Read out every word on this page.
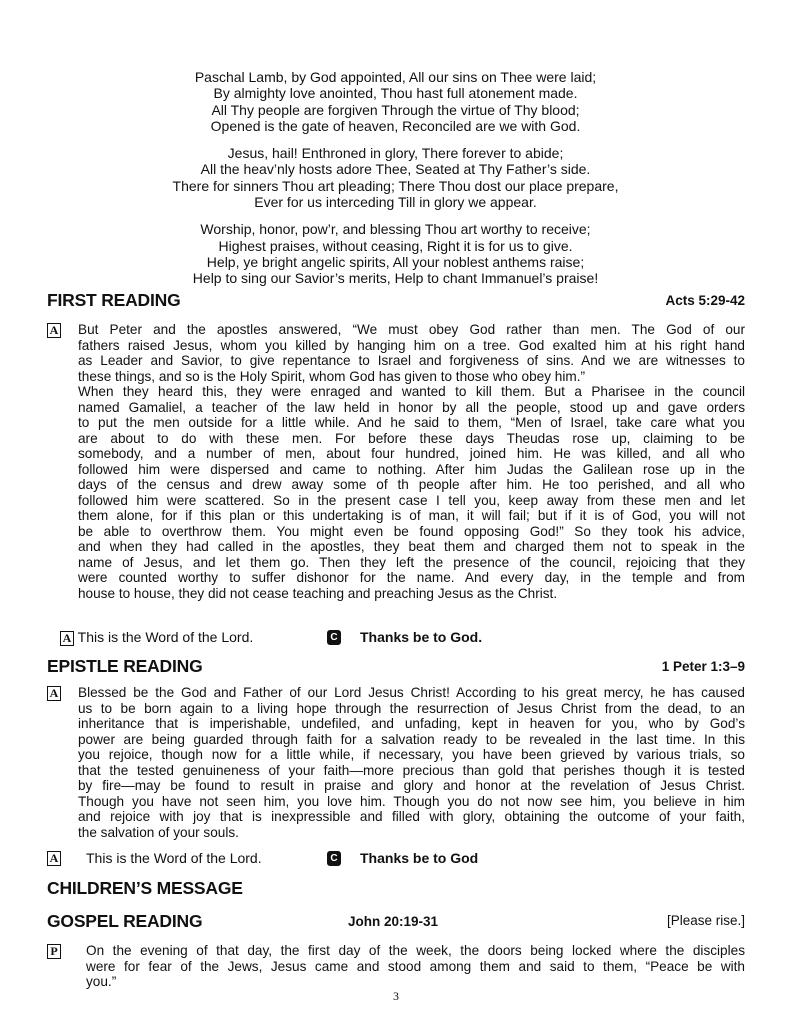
Paschal Lamb, by God appointed, All our sins on Thee were laid;
By almighty love anointed, Thou hast full atonement made.
All Thy people are forgiven Through the virtue of Thy blood;
Opened is the gate of heaven, Reconciled are we with God.
Jesus, hail! Enthroned in glory, There forever to abide;
All the heav’nly hosts adore Thee, Seated at Thy Father’s side.
There for sinners Thou art pleading; There Thou dost our place prepare,
Ever for us interceding Till in glory we appear.
Worship, honor, pow’r, and blessing Thou art worthy to receive;
Highest praises, without ceasing, Right it is for us to give.
Help, ye bright angelic spirits, All your noblest anthems raise;
Help to sing our Savior’s merits, Help to chant Immanuel’s praise!
FIRST READING	Acts 5:29-42
A But Peter and the apostles answered, “We must obey God rather than men. The God of our
fathers raised Jesus, whom you killed by hanging him on a tree. God exalted him at his right hand
as Leader and Savior, to give repentance to Israel and forgiveness of sins. And we are witnesses to
these things, and so is the Holy Spirit, whom God has given to those who obey him.”
When they heard this, they were enraged and wanted to kill them. But a Pharisee in the council
named Gamaliel, a teacher of the law held in honor by all the people, stood up and gave orders
to put the men outside for a little while. And he said to them, “Men of Israel, take care what you
are about to do with these men. For before these days Theudas rose up, claiming to be
somebody, and a number of men, about four hundred, joined him. He was killed, and all who
followed him were dispersed and came to nothing. After him Judas the Galilean rose up in the
days of the census and drew away some of th people after him. He too perished, and all who
followed him were scattered. So in the present case I tell you, keep away from these men and let
them alone, for if this plan or this undertaking is of man, it will fail; but if it is of God, you will not
be able to overthrow them. You might even be found opposing God!” So they took his advice,
and when they had called in the apostles, they beat them and charged them not to speak in the
name of Jesus, and let them go. Then they left the presence of the council, rejoicing that they
were counted worthy to suffer dishonor for the name. And every day, in the temple and from
house to house, they did not cease teaching and preaching Jesus as the Christ.
A This is the Word of the Lord.	C Thanks be to God.
EPISTLE READING	1 Peter 1:3–9
A Blessed be the God and Father of our Lord Jesus Christ! According to his great mercy, he has caused
us to be born again to a living hope through the resurrection of Jesus Christ from the dead, to an
inheritance that is imperishable, undefiled, and unfading, kept in heaven for you, who by God’s
power are being guarded through faith for a salvation ready to be revealed in the last time. In this
you rejoice, though now for a little while, if necessary, you have been grieved by various trials, so
that the tested genuineness of your faith—more precious than gold that perishes though it is tested
by fire—may be found to result in praise and glory and honor at the revelation of Jesus Christ.
Though you have not seen him, you love him. Though you do not now see him, you believe in him
and rejoice with joy that is inexpressible and filled with glory, obtaining the outcome of your faith,
the salvation of your souls.
A This is the Word of the Lord.	C Thanks be to God
CHILDREN’S MESSAGE
GOSPEL READING	John 20:19-31	[Please rise.]
P On the evening of that day, the first day of the week, the doors being locked where the disciples
were for fear of the Jews, Jesus came and stood among them and said to them, “Peace be with
you.”
3
